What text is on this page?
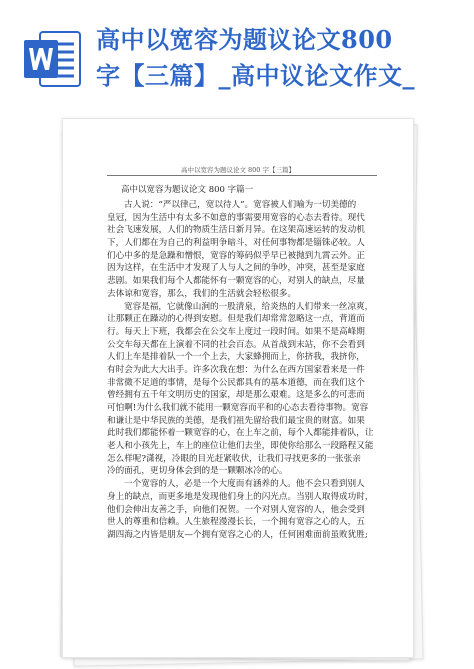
高中以宽容为题议论文800
字【三篇】_高中议论文作文_
高中以宽容为题议论文 800 字【三篇】
高中以宽容为题议论文 800 字篇一
古人说：“严以律己，宽以待人”。宽容被人们喻为一切美德的
皇冠，因为生活中有太多不如意的事需要用宽容的心态去看待。现代
社会飞速发展，人们的物质生活日新月异。在这架高速运转的发动机
下，人们都在为自己的利益明争暗斗，对任何事物都是锱铢必较。人
们心中多的是急躁和憎恨，宽容的筹码似乎早已被抛到九霄云外。正
因为这样，在生活中才发现了人与人之间的争吵，冲突，甚至是家庭
悲剧。如果我们每个人都能怀有一颗宽容的心，对别人的缺点，尽量
去体谅和宽容，那么，我们的生活就会轻松很多。
宽容是福，它就像山涧的一股清泉，给炎热的人们带来一丝凉爽，
让那颗正在躁动的心得到安慰。但是我们却常常忽略这一点，背道而
行。每天上下班，我都会在公交车上度过一段时间。如果不是高峰期
公交车每天都在上演着不同的社会百态。从首战到末站，你不会看到
人们上车是排着队一个一个上去，大家蜂拥而上，你挤我，我挤你，
有时会为此大大出手。许多次我在想：为什么在西方国家看来是一件
非常微不足道的事情，是每个公民都具有的基本道德，而在我们这个
曾经拥有五千年文明历史的国家，却是那么艰难。这是多么的可悲而
可怕啊!为什么我们就不能用一颗宽容而平和的心态去看待事物。宽容
和谦让是中华民族的美德，是我们祖先留给我们最宝贵的财富。如果
此时我们都能怀着一颗宽容的心，在上车之前，每个人都能排着队，让
老人和小孩先上，车上的座位让他们去坐，即使你给那么一段路程又能
怎么样呢?潇视，冷眼的目光赶紧收伏，让我们寻找更多的一张张亲
冷的面孔，更切身体会到的是一颗颗冰冷的心。
一个宽容的人，必是一个大度而有涵养的人。他不会只看到别人
身上的缺点，而更多地是发现他们身上的闪光点。当别人取得成功时，
他们会伸出友善之手，向他们祝贺。一个对别人宽容的人，他会受到
世人的尊重和信赖。人生旅程漫漫长长，一个拥有宽容之心的人，五
湖四海之内皆是朋友—个拥有宽容之心的人，任何困难面前虽败犹胜;
